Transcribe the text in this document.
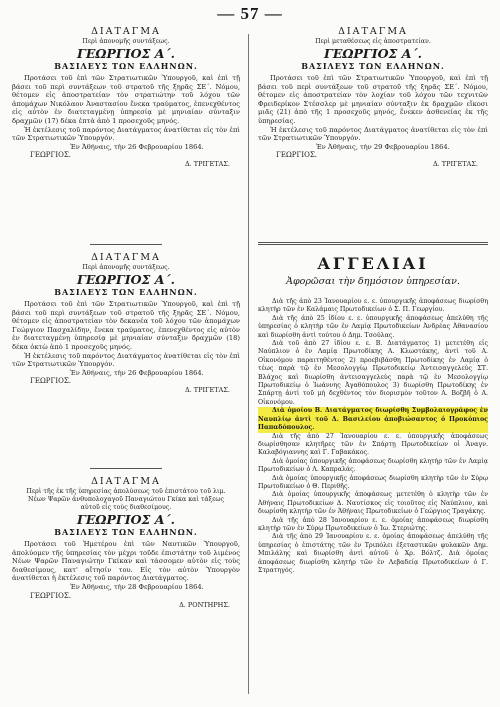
— 57 —
ΔΙΑΤΑΓΜΑ
Περὶ ἀπονομῆς συντάξεως.
ΓΕΩΡΓΙΟΣ Α΄.
ΒΑΣΙΛΕΥΣ ΤΩΝ ΕΛΛΗΝΩΝ.

Προτάσει τοῦ ἐπὶ τῶν Στρατιωτικῶν Ὑπουργοῦ, καὶ ἐπὶ τῇ βάσει τοῦ περὶ συντάξεων τοῦ στρατοῦ τῆς ξηρᾶς ΣΕ΄. Νόμου, θέτομεν εἰς ἀποστρατείαν τὸν στρατιώτην τοῦ λόχου τῶν ἀπομάχων Νικόλαον Ἀναστασίου ἕνεκα τραύματος, ἐπενεχθέντος εἰς αὐτὸν ἐν διατεταγμένῃ ὑπηρεσίᾳ μὲ μηνιαίαν σύνταξιν δραχμῶν (17) δέκα ἑπτὰ ἀπὸ 1 προσεχοῦς μηνός.

Ἡ ἐκτέλεσις τοῦ παρόντος Διατάγματος ἀνατίθεται εἰς τὸν ἐπὶ τῶν Στρατιωτικῶν Ὑπουργόν.

Ἐν Ἀθήναις, τὴν 26 Φεβρουαρίου 1864.
ΓΕΩΡΓΙΟΣ.
Δ. ΤΡΙΓΕΤΑΣ.
ΔΙΑΤΑΓΜΑ
Περὶ ἀπονομῆς συντάξεως.
ΓΕΩΡΓΙΟΣ Α΄.
ΒΑΣΙΛΕΥΣ ΤΩΝ ΕΛΛΗΝΩΝ.

Προτάσει τοῦ ἐπὶ τῶν Στρατιωτικῶν Ὑπουργοῦ, καὶ ἐπὶ τῇ βάσει τοῦ περὶ συντάξεων τοῦ στρατοῦ τῆς ξηρᾶς ΣΕ΄. Νόμου, θέτομεν εἰς ἀποστρατείαν τὸν δεκανέα τοῦ λόχου τῶν ἀπομάχων Γεώργιον Πασχαλίδην, ἕνεκα τραύματος, ἐπενεχθέντος εἰς αὐτὸν ἐν διατεταγμένῃ ὑπηρεσίᾳ μὲ μηνιαίαν σύνταξιν δραχμῶν (18) δέκα ὀκτὼ ἀπὸ 1 προσεχοῦς μηνός.

Ἡ ἐκτέλεσις τοῦ παρόντος Διατάγματος ἀνατίθεται εἰς τὸν ἐπὶ τῶν Στρατιωτικῶν Ὑπουργόν.

Ἐν Ἀθήναις, τὴν 26 Φεβρουαρίου 1864.
ΓΕΩΡΓΙΟΣ.
Δ. ΤΡΙΓΕΤΑΣ.
ΔΙΑΤΑΓΜΑ
Περὶ τῆς ἐκ τῆς ὑπηρεσίας ἀπολύσεως τοῦ ἐπιστάτου τοῦ λιμ. Νέων Ψαρῶν ἀνθυπολοχαγοῦ Παναγιώτου Γκίκα καὶ τάξεως αὐτοῦ εἰς τοὺς διαθεσίμους.
ΓΕΩΡΓΙΟΣ Α΄.
ΒΑΣΙΛΕΥΣ ΤΩΝ ΕΛΛΗΝΩΝ.

Προτάσει τοῦ Ἡμετέρου ἐπὶ τῶν Ναυτικῶν Ὑπουργοῦ, ἀπολύομεν τῆς ὑπηρεσίας τὸν μέχρι τοῦδε ἐπιστάτην τοῦ λιμένος Νέων Ψαρῶν Παναγιώτην Γκίκαν καὶ τάσσομεν αὐτὸν εἰς τοὺς διαθεσίμους, κατ' αἴτησίν του. Εἰς τὸν αὐτὸν Ὑπουργὸν ἀνατίθεται ἡ ἐκτέλεσις τοῦ παρόντος Διατάγματος.

Ἐν Ἀθήναις, τὴν 28 Φεβρουαρίου 1864.
ΓΕΩΡΓΙΟΣ.
Δ. ΡΟΝΤΗΡΗΣ.
ΔΙΑΤΑΓΜΑ
Περὶ μεταθέσεως εἰς ἀποστρατείαν.
ΓΕΩΡΓΙΟΣ Α΄.
ΒΑΣΙΛΕΥΣ ΤΩΝ ΕΛΛΗΝΩΝ.

Προτάσει τοῦ ἐπὶ τῶν Στρατιωτικῶν Ὑπουργοῦ, καὶ ἐπὶ τῇ βάσει τοῦ περὶ συντάξεων τοῦ στρατοῦ τῆς ξηρᾶς ΣΕ΄. Νόμου, θέτομεν εἰς ἀποστρατείαν τὸν λοχίαν τοῦ λόχου τῶν τεχνιτῶν Φρειδερίκον Στέσσλερ μὲ μηνιαίαν σύνταξιν ἐκ δραχμῶν εἴκοσι μιᾶς (21) ἀπὸ τῆς 1 προσεχοῦς μηνός, ἕνεκεν ἀσθενείας ἐκ τῆς ὑπηρεσίας.

Ἡ ἐκτέλεσις τοῦ παρόντος Διατάγματος ἀνατίθεται εἰς τὸν ἐπὶ τῶν Στρατιωτικῶν Ὑπουργόν.

Ἐν Ἀθήναις, τὴν 29 Φεβρουαρίου 1864.
ΓΕΩΡΓΙΟΣ.
Δ. ΤΡΙΓΕΤΑΣ.
ΑΓΓΕΛΙΑΙ
Ἀφορῶσαι τὴν δημόσιον ὑπηρεσίαν.

Διὰ τῆς ἀπὸ 23 Ἰανουαρίου ε. ε. ὑπουργικῆς ἀποφάσεως διωρίσθη κλητὴρ τῶν ἐν Καλάμαις Πρωτοδικείων ὁ Σ. Π. Γεωργίου.

Διὰ τῆς ἀπὸ 25 ἰδίου ε. ε. ὑπουργικῆς ἀποφάσεως ἀπελύθη τῆς ὑπηρεσίας ὁ κλητὴρ τῶν ἐν Λαμίᾳ Πρωτοδικείων Ἀνδρέας Ἀθανασίου καὶ διωρίσθη ἀντὶ τούτου ὁ Δημ. Τσούλας.

Διὰ τοῦ ἀπὸ 27 ἰδίου ε. ε. Β. Διατάγματος 1) μετετέθη εἰς Ναύπλιον ὁ ἐν Λαμίᾳ Πρωτοδίκης Α. Κλωστάκης, ἀντὶ τοῦ Α. Οἰκονόμου παραιτηθέντος 2) προεβιβάσθη Πρωτοδίκης ἐν Λαμίᾳ ὁ τέως παρὰ τῷ ἐν Μεσολογγίῳ Πρωτοδικείῳ Ἀντεισαγγελεὺς ΣΤ. Βλάχος καὶ διωρίσθη ἀντεισαγγελεὺς παρὰ τῷ ἐν Μεσολογγίῳ Πρωτοδικείῳ ὁ Ἰωάννης Ἀγαθόπουλος 3) διωρίσθη Πρωτοδίκης ἐν Σπάρτῃ ἀντὶ τοῦ μὴ δεχθέντος τὸν διορισμὸν τοῦτον Α. Βοζβῆ ὁ Α. Οἰκονόμου.

Διὰ ὁμοίου Β. Διατάγματος διωρίσθη Συμβολαιογράφος ἐν Ναυπλίῳ ἀντὶ τοῦ Δ. Βασιλείου ἀποβιώσαντος ὁ Προκόπιος Παπαδόπουλος.

Διὰ τῆς ἀπὸ 27 Ἰανουαρίου ε. ε. ὑπουργικῆς ἀποφάσεως διωρίσθησαν κλητῆρες τῶν ἐν Σπάρτῃ Πρωτοδικείων οἱ Ἀναγν. Καλαβόγιαννης καὶ Γ. Γαβακάκος.

Διὰ ὁμοίας ὑπουργικῆς ἀποφάσεως διωρίσθη κλητὴρ τῶν ἐν Λαμίᾳ Πρωτοδικείων ὁ Λ. Καπραλάς.

Διὰ ὁμοίας ὑπουργικῆς ἀποφάσεως διωρίσθη κλητὴρ τῶν ἐν Σύρῳ Πρωτοδικείων ὁ Θ. Περιθῆς.

Διὰ ὁμοίας ὑπουργικῆς ἀποφάσεως μετετέθη ὁ κλητὴρ τῶν ἐν Ἀθήναις Πρωτοδικείων Δ. Ναυτίσκος εἰς τοιοῦτος εἰς Ναύπλιον, καὶ διωρίσθη κλητὴρ τῶν ἐν Ἀθήναις Πρωτοδικείων ὁ Γεώργιος Τραγάκης.

Διὰ τῆς ἀπὸ 28 Ἰανουαρίου ε. ε. ὁμοίας ἀποφάσεως διωρίσθη κλητὴρ τῶν ἐν Σύρῳ Πρωτοδικείων ὁ Ἰω. Στεριώτης.

Διὰ τῆς ἀπὸ 29 Ἰανουαρίου ε. ε. ὁμοίας ἀποφάσεως ἀπελύθη τῆς ὑπηρεσίας ὁ ἐπιστάτης τῶν ἐν Τριπόλει ἐξεταστικῶν φυλακῶν Δημ. Μπιλάλης καὶ διωρίσθη ἀντὶ αὐτοῦ ὁ Χρ. Βόλτζ. Διὰ ὁμοίας ἀποφάσεως διωρίσθη κλητὴρ τῶν ἐν Λεβαδείᾳ Πρωτοδικείων ὁ Γ. Στρατηγός.
